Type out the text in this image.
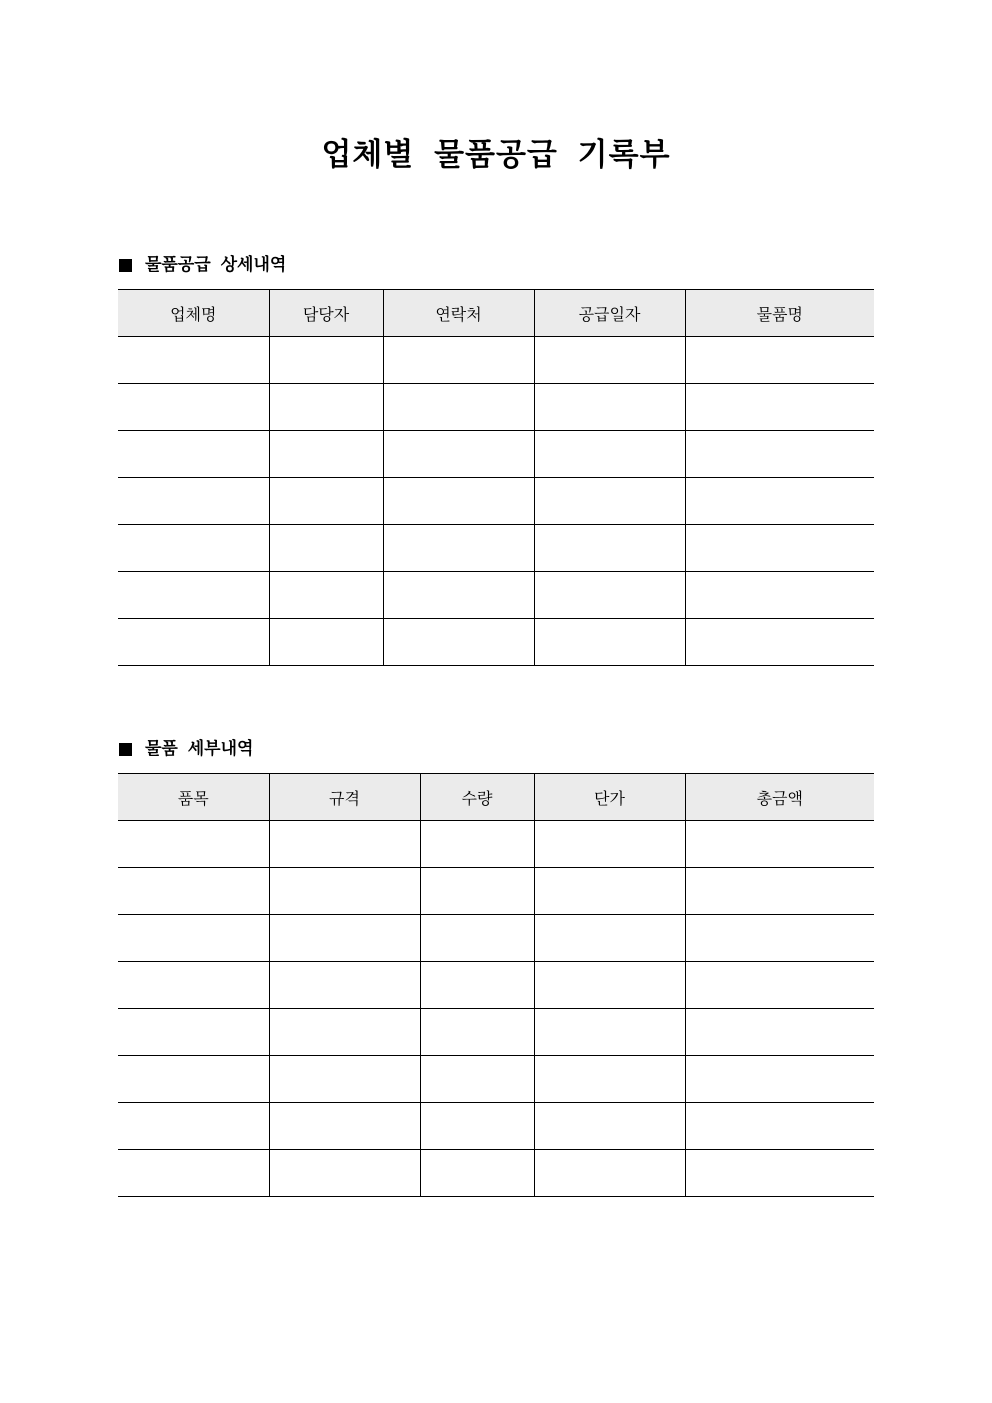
업체별 물품공급 기록부
물품공급 상세내역
업체명	담당자	연락처	공급일자	물품명

물품 세부내역
품목	규격	수량	단가	총금액
